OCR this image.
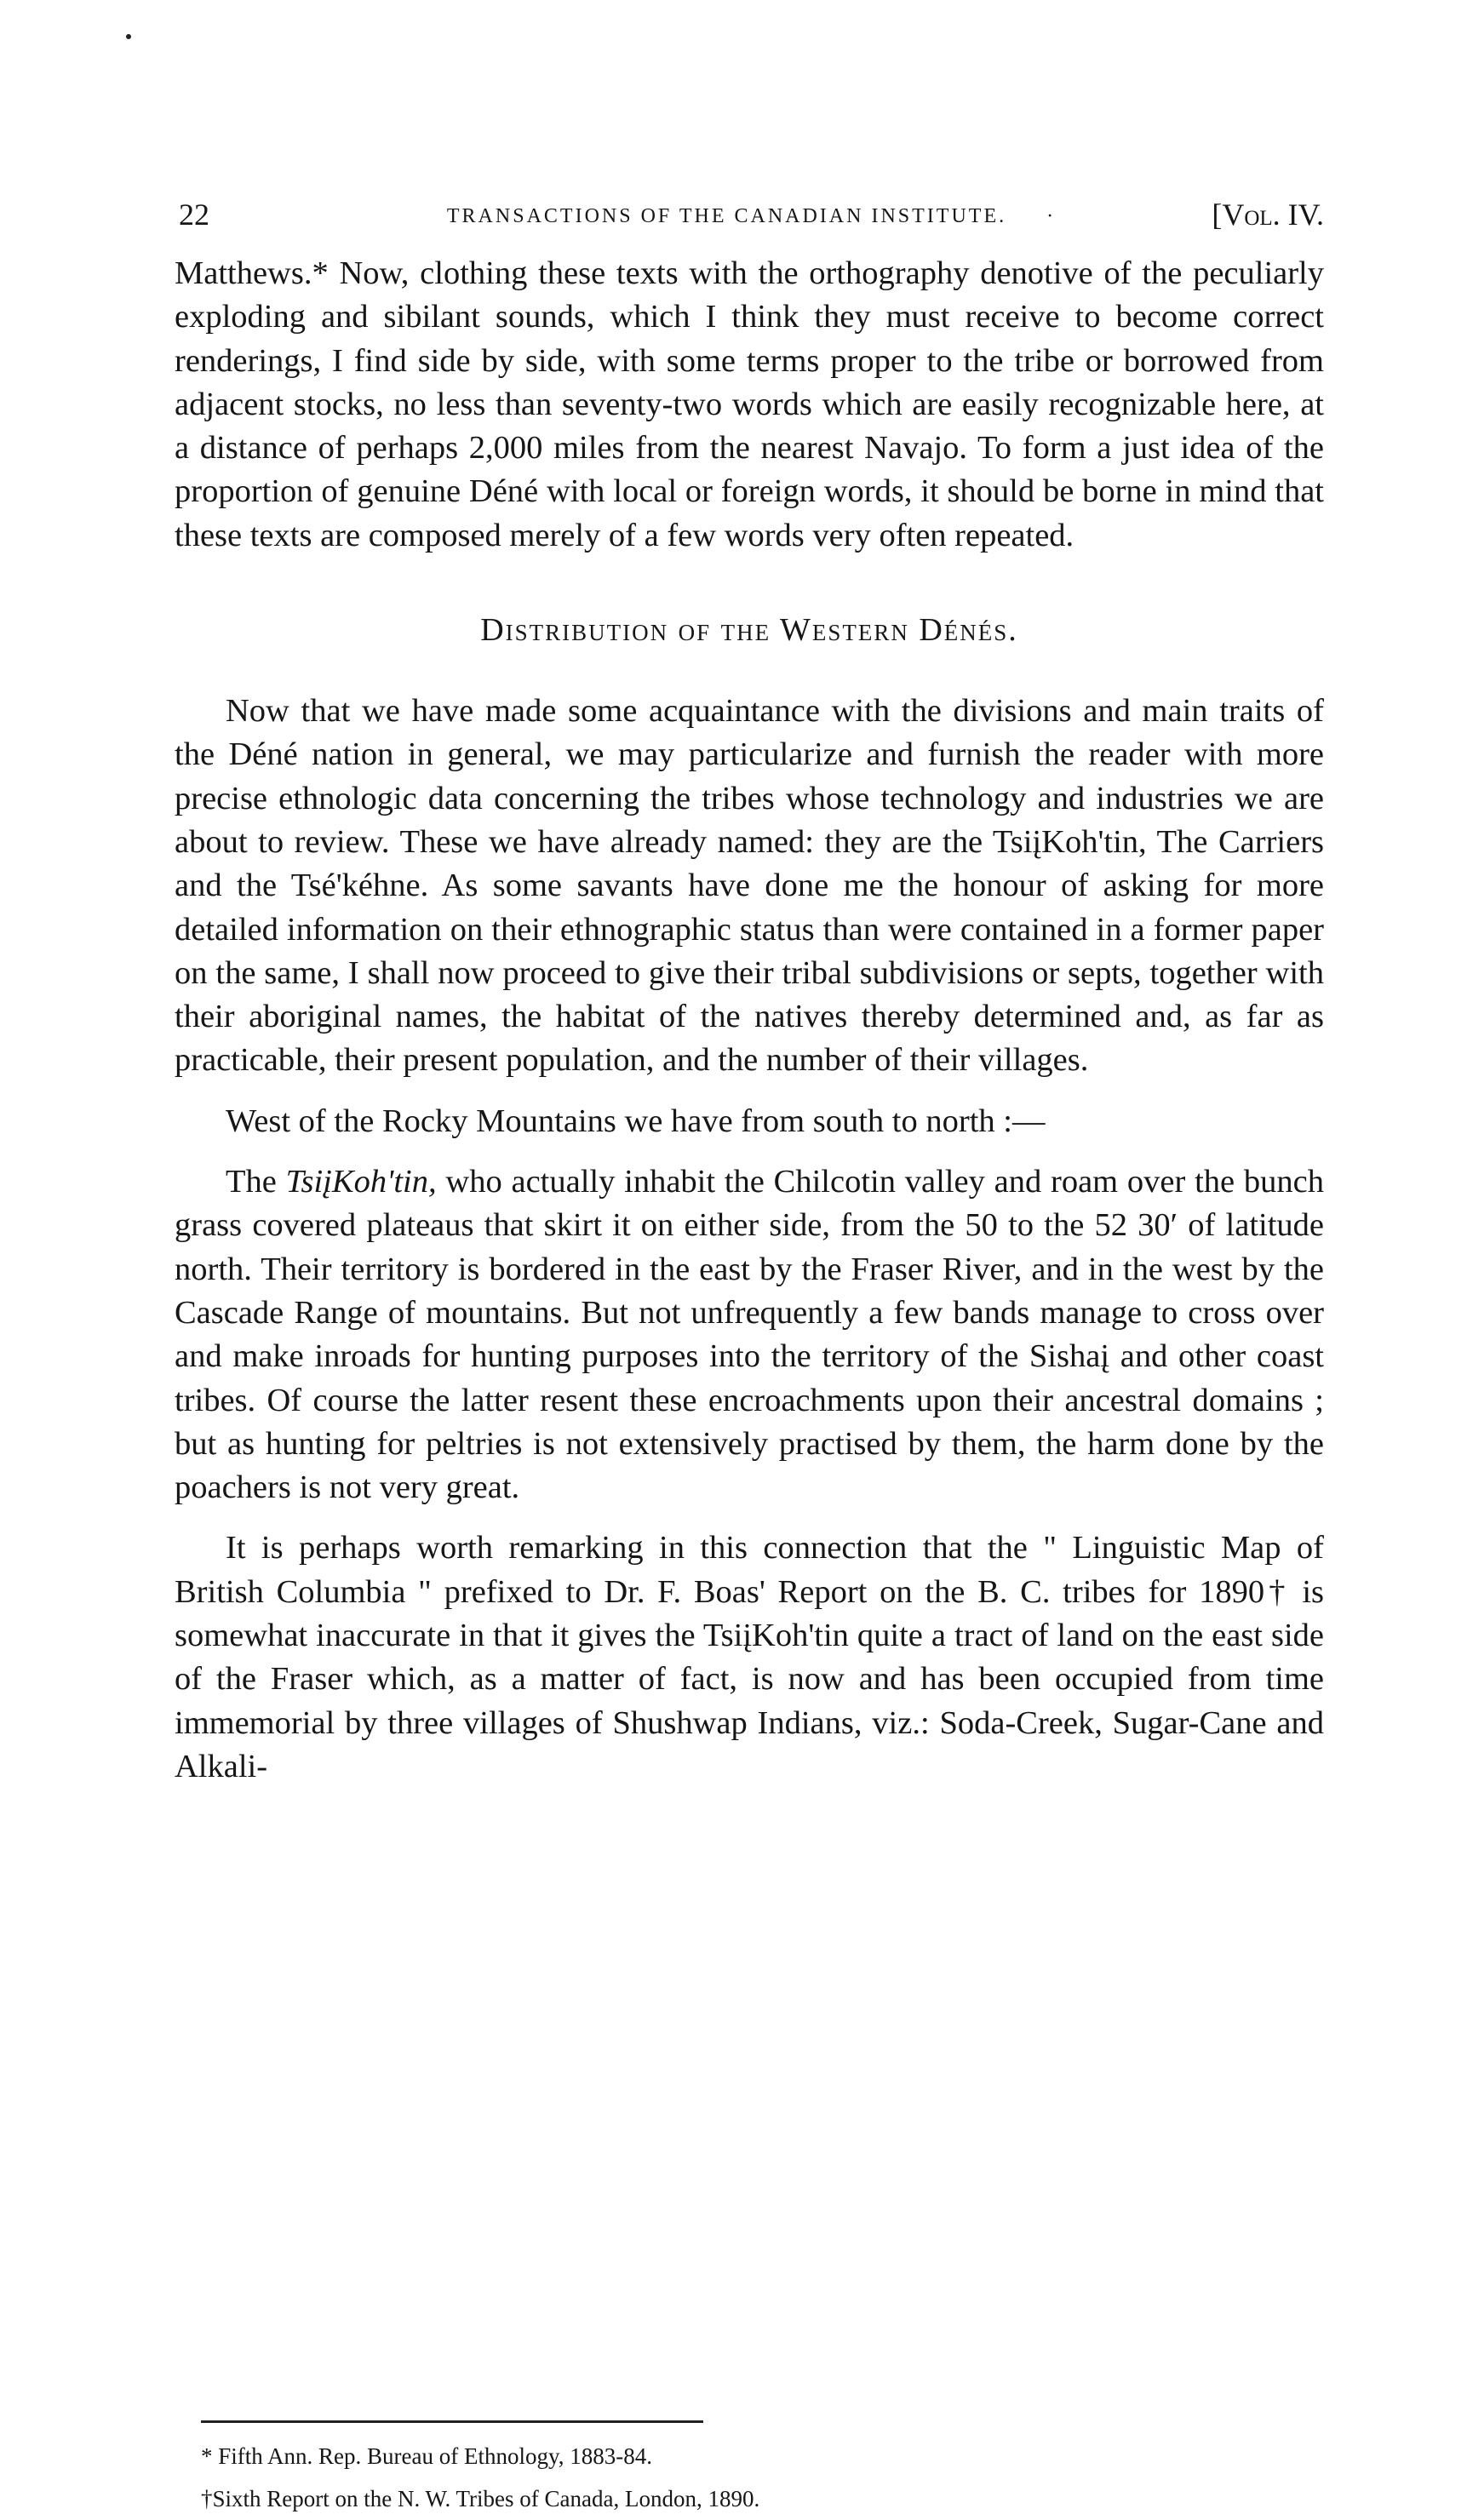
22	TRANSACTIONS OF THE CANADIAN INSTITUTE. ·	[Vol. IV.

Matthews.* Now, clothing these texts with the orthography denotive of the peculiarly exploding and sibilant sounds, which I think they must receive to become correct renderings, I find side by side, with some terms proper to the tribe or borrowed from adjacent stocks, no less than seventy-two words which are easily recognizable here, at a distance of perhaps 2,000 miles from the nearest Navajo. To form a just idea of the proportion of genuine Déné with local or foreign words, it should be borne in mind that these texts are composed merely of a few words very often repeated.

Distribution of the Western Dénés.

Now that we have made some acquaintance with the divisions and main traits of the Déné nation in general, we may particularize and furnish the reader with more precise ethnologic data concerning the tribes whose technology and industries we are about to review. These we have already named: they are the TsiįKoh'tin, The Carriers and the Tsé'kéhne. As some savants have done me the honour of asking for more detailed information on their ethnographic status than were contained in a former paper on the same, I shall now proceed to give their tribal subdivisions or septs, together with their aboriginal names, the habitat of the natives thereby determined and, as far as practicable, their present population, and the number of their villages.

West of the Rocky Mountains we have from south to north :—

The TsiįKoh'tin, who actually inhabit the Chilcotin valley and roam over the bunch grass covered plateaus that skirt it on either side, from the 50 to the 52 30′ of latitude north. Their territory is bordered in the east by the Fraser River, and in the west by the Cascade Range of mountains. But not unfrequently a few bands manage to cross over and make inroads for hunting purposes into the territory of the Sishaį and other coast tribes. Of course the latter resent these encroachments upon their ancestral domains ; but as hunting for peltries is not extensively practised by them, the harm done by the poachers is not very great.

It is perhaps worth remarking in this connection that the " Linguistic Map of British Columbia " prefixed to Dr. F. Boas' Report on the B. C. tribes for 1890† is somewhat inaccurate in that it gives the TsiįKoh'tin quite a tract of land on the east side of the Fraser which, as a matter of fact, is now and has been occupied from time immemorial by three villages of Shushwap Indians, viz.: Soda-Creek, Sugar-Cane and Alkali-

* Fifth Ann. Rep. Bureau of Ethnology, 1883-84.

†Sixth Report on the N. W. Tribes of Canada, London, 1890.
